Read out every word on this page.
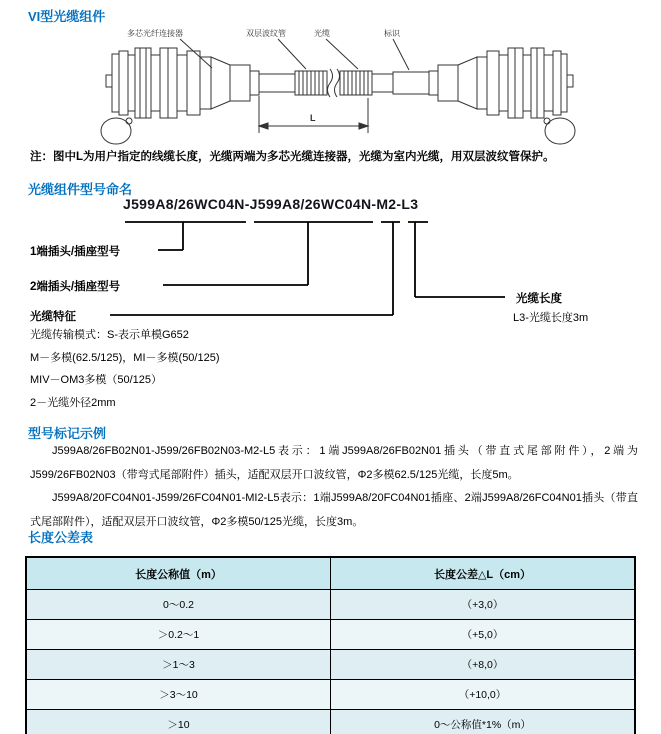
VI型光缆组件
多芯光纤连接器	双层波纹管	光缆	标识
L
注：图中L为用户指定的线缆长度，光缆两端为多芯光缆连接器，光缆为室内光缆，用双层波纹管保护。
光缆组件型号命名
J599A8/26WC04N-J599A8/26WC04N-M2-L3
1端插头/插座型号
2端插头/插座型号
光缆特征
光缆长度
L3-光缆长度3m
光缆传输模式：S-表示单模G652
M－多模(62.5/125)，MI－多模(50/125)
MIV－OM3多模（50/125）
2－光缆外径2mm
型号标记示例

J599A8/26FB02N01-J599/26FB02N03-M2-L5表示：1端J599A8/26FB02N01插头（带直式尾部附件），2端为J599/26FB02N03（带弯式尾部附件）插头，适配双层开口波纹管，Φ2多模62.5/125光缆，长度5m。

J599A8/20FC04N01-J599/26FC04N01-MI2-L5表示：1端J599A8/20FC04N01插座、2端J599A8/26FC04N01插头（带直式尾部附件），适配双层开口波纹管，Φ2多模50/125光缆，长度3m。

长度公差表
长度公称值（m）	长度公差△L（cm）
0～0.2	（+3,0）
＞0.2～1	（+5,0）
＞1～3	（+8,0）
＞3～10	（+10,0）
＞10	0～公称值*1%（m）
